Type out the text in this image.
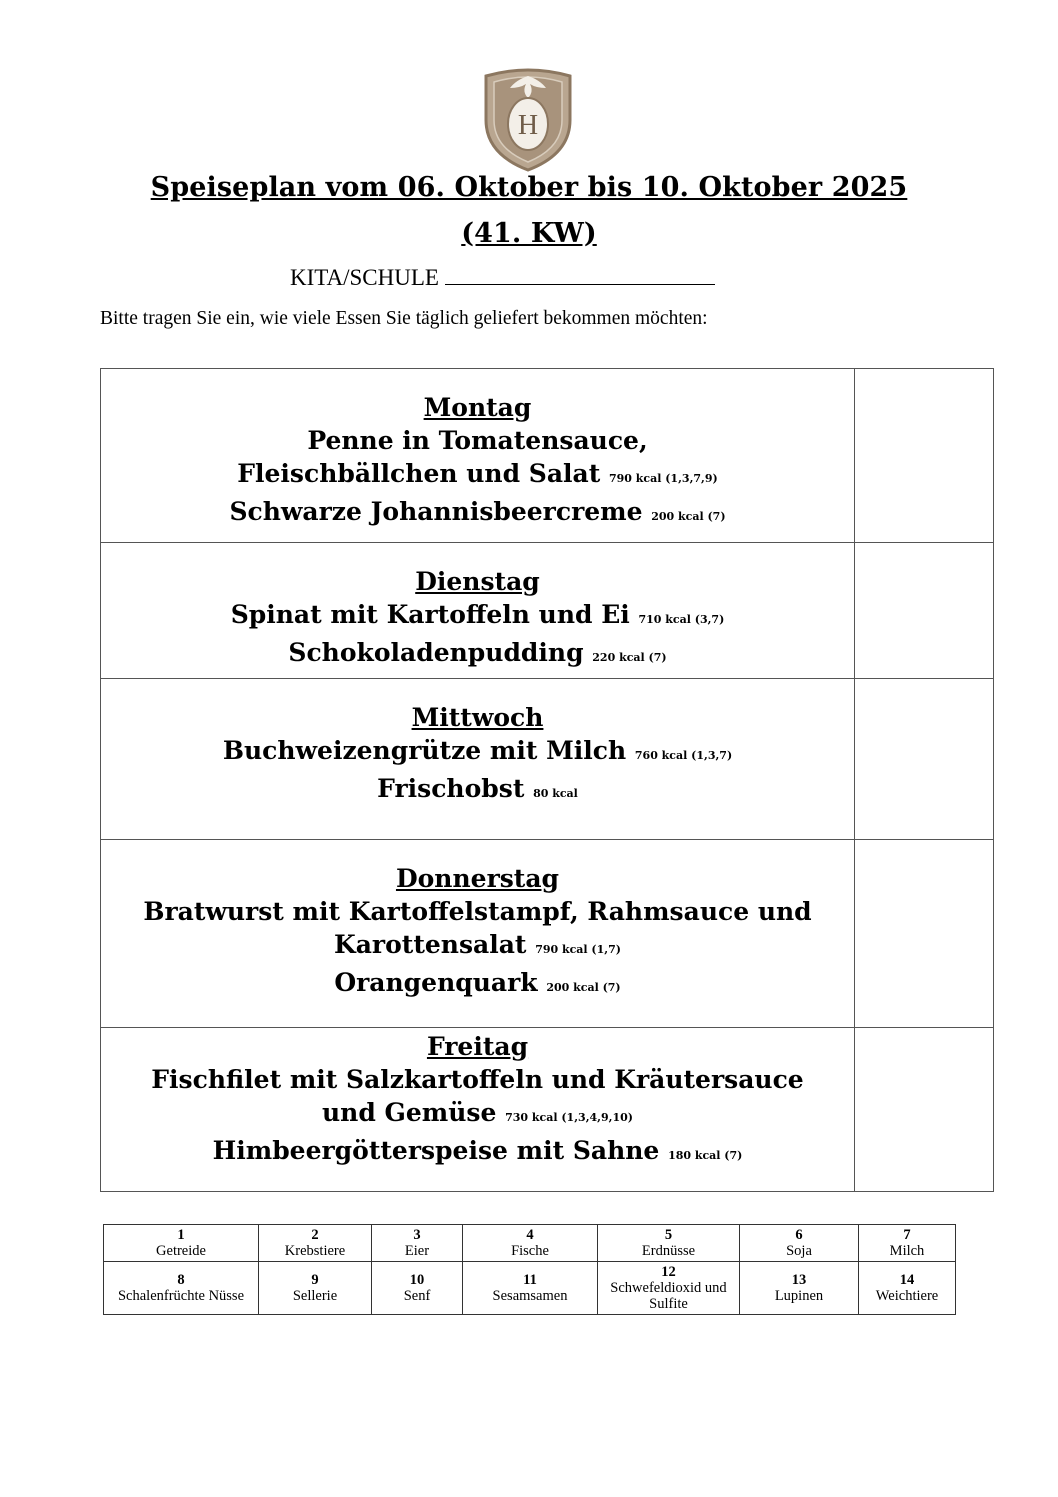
H
Speiseplan vom 06. Oktober bis 10. Oktober 2025
(41. KW)
KITA/SCHULE
Bitte tragen Sie ein, wie viele Essen Sie täglich geliefert bekommen möchten:
Montag
Penne in Tomatensauce,
Fleischbällchen und Salat 790 kcal (1,3,7,9)
Schwarze Johannisbeercreme 200 kcal (7)	

Dienstag
Spinat mit Kartoffeln und Ei 710 kcal (3,7)
Schokoladenpudding 220 kcal (7)	

Mittwoch
Buchweizengrütze mit Milch 760 kcal (1,3,7)
Frischobst 80 kcal	

Donnerstag
Bratwurst mit Kartoffelstampf, Rahmsauce und
Karottensalat 790 kcal (1,7)
Orangenquark 200 kcal (7)	

Freitag
Fischfilet mit Salzkartoffeln und Kräutersauce
und Gemüse 730 kcal (1,3,4,9,10)
Himbeergötterspeise mit Sahne 180 kcal (7)	

1
Getreide	2
Krebstiere	3
Eier	4
Fische	5
Erdnüsse	6
Soja	7
Milch

8
Schalenfrüchte Nüsse	9
Sellerie	10
Senf	11
Sesamsamen	12
Schwefeldioxid und Sulfite	13
Lupinen	14
Weichtiere
